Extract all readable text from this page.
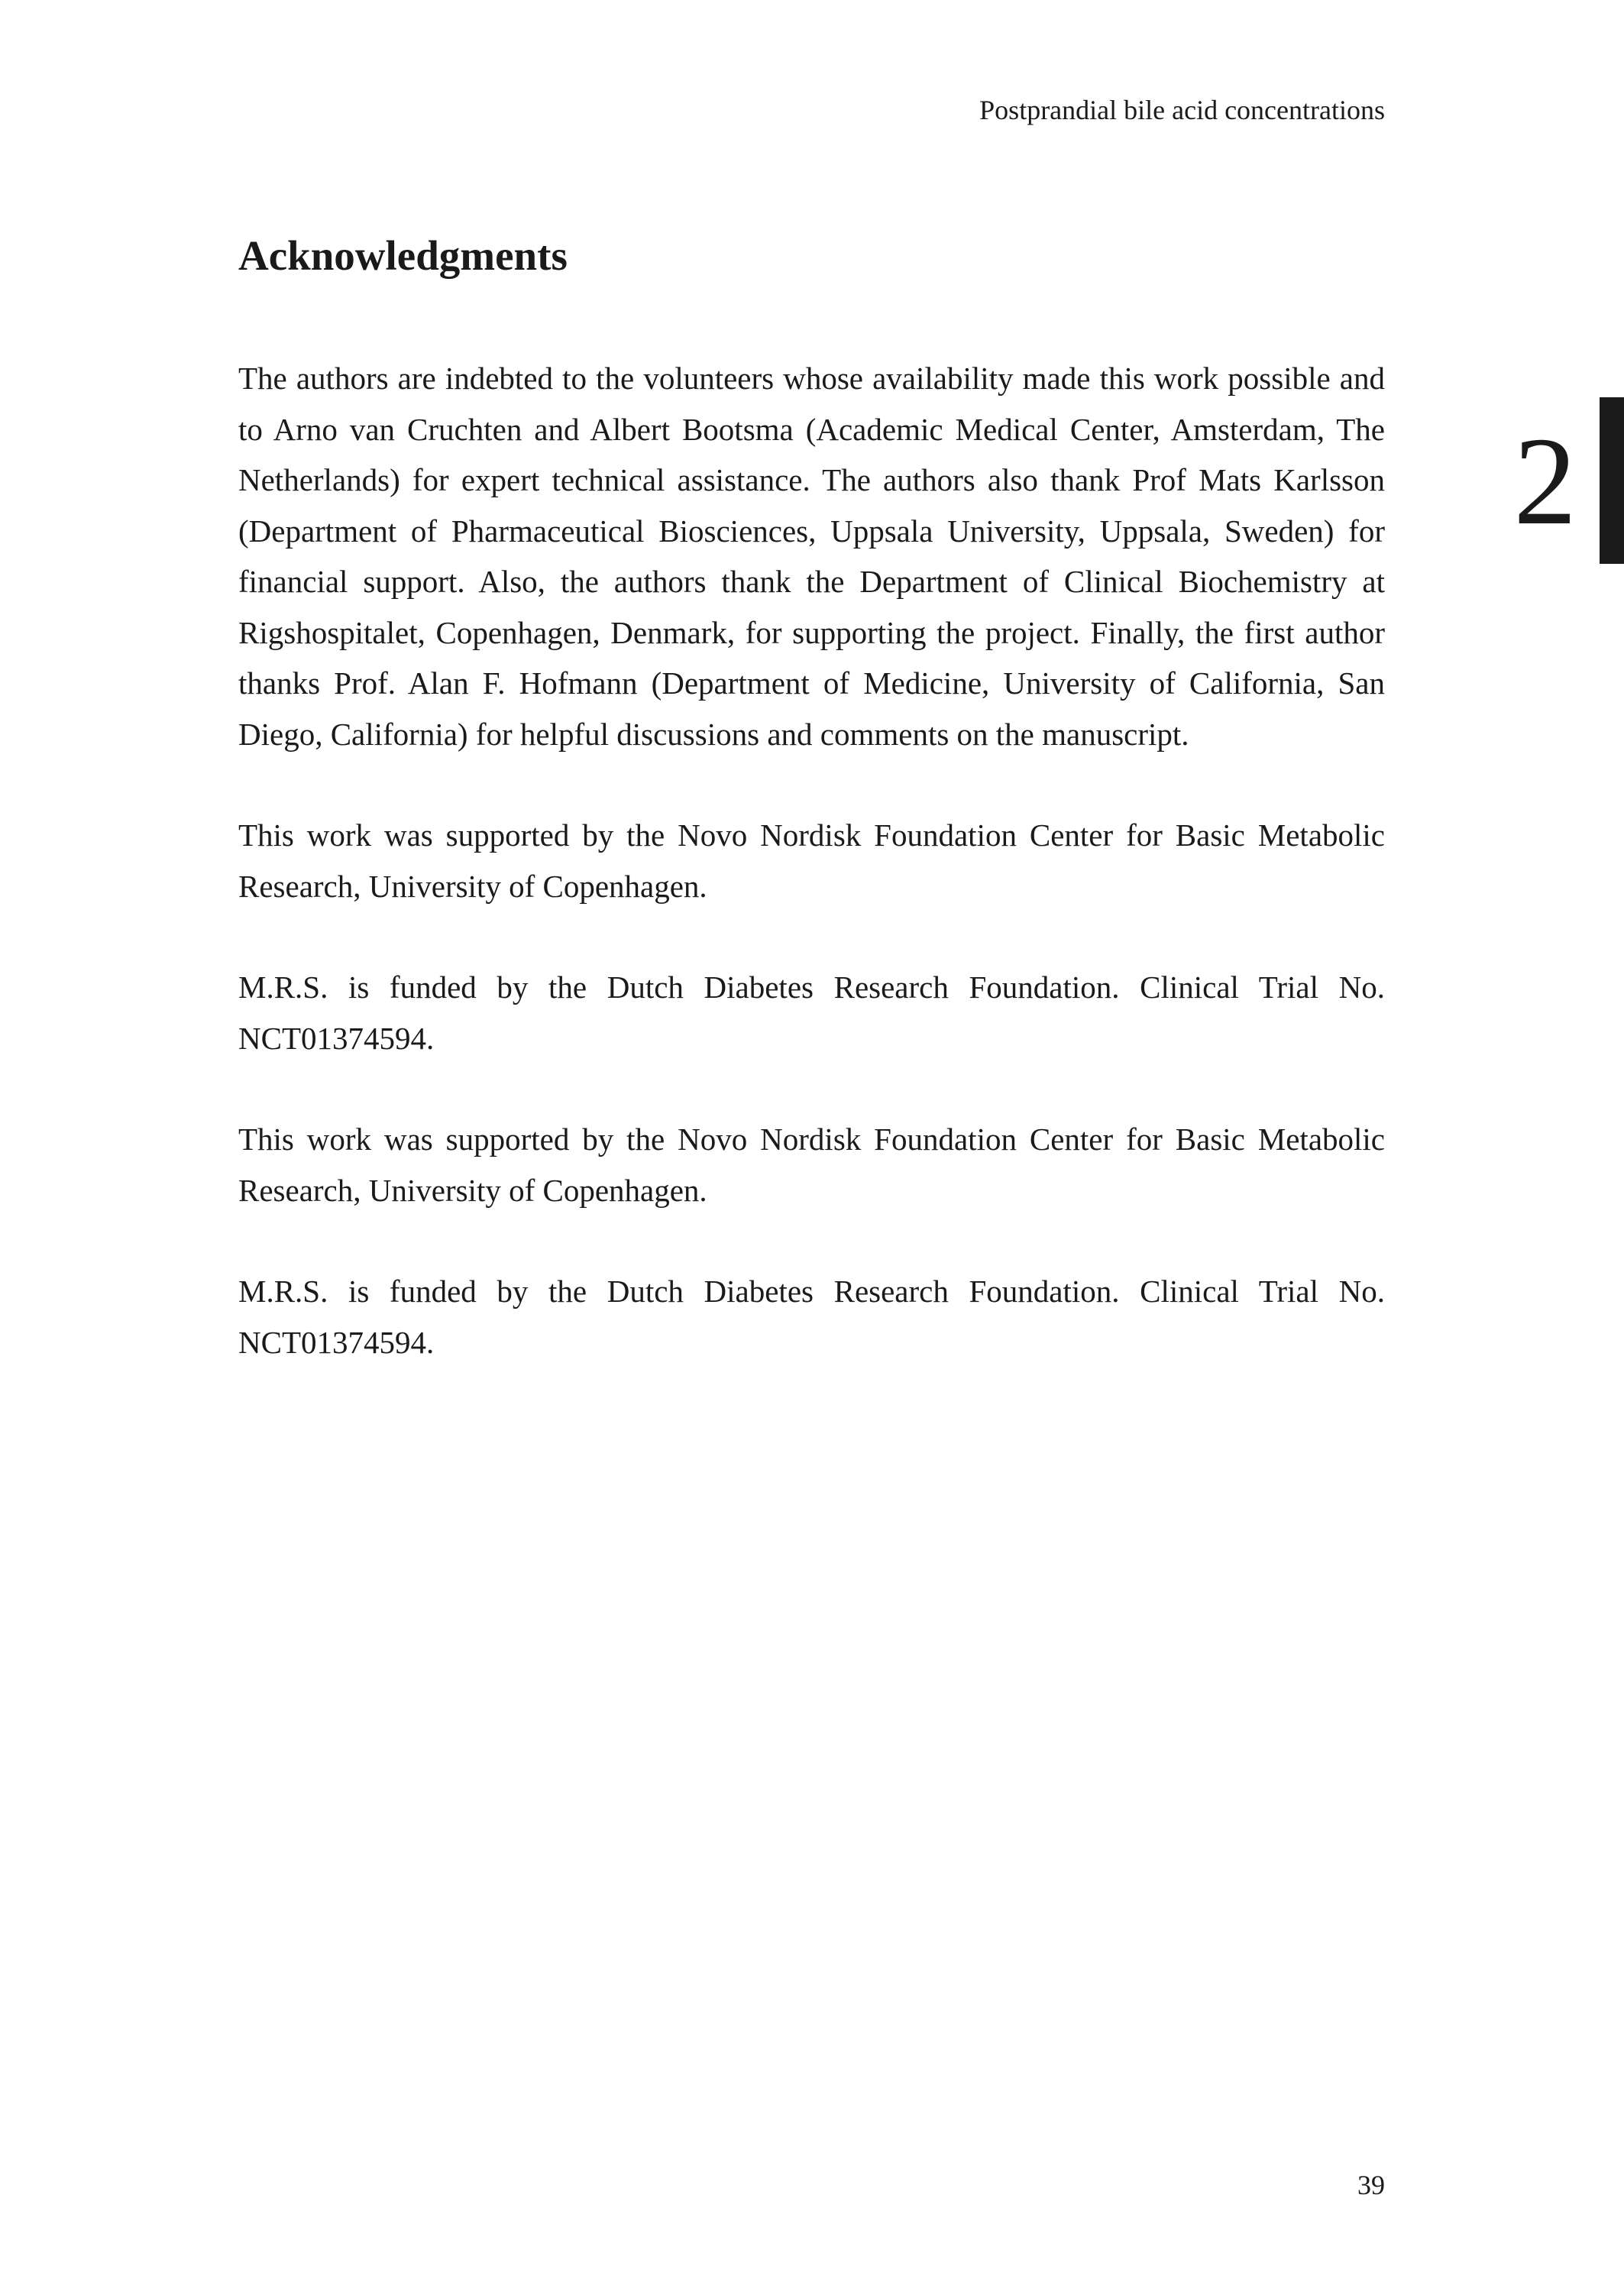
Postprandial bile acid concentrations
2
Acknowledgments

The authors are indebted to the volunteers whose availability made this work possible and to Arno van Cruchten and Albert Bootsma (Academic Medical Center, Amsterdam, The Netherlands) for expert technical assistance. The authors also thank Prof Mats Karlsson (Department of Pharmaceutical Biosciences, Uppsala University, Uppsala, Sweden) for financial support. Also, the authors thank the Department of Clinical Biochemistry at Rigshospitalet, Copenhagen, Denmark, for supporting the project. Finally, the first author thanks Prof. Alan F. Hofmann (Department of Medicine, University of California, San Diego, California) for helpful discussions and comments on the manuscript.

This work was supported by the Novo Nordisk Foundation Center for Basic Metabolic Research, University of Copenhagen.

M.R.S. is funded by the Dutch Diabetes Research Foundation. Clinical Trial No. NCT01374594.

This work was supported by the Novo Nordisk Foundation Center for Basic Metabolic Research, University of Copenhagen.

M.R.S. is funded by the Dutch Diabetes Research Foundation. Clinical Trial No. NCT01374594.

39
